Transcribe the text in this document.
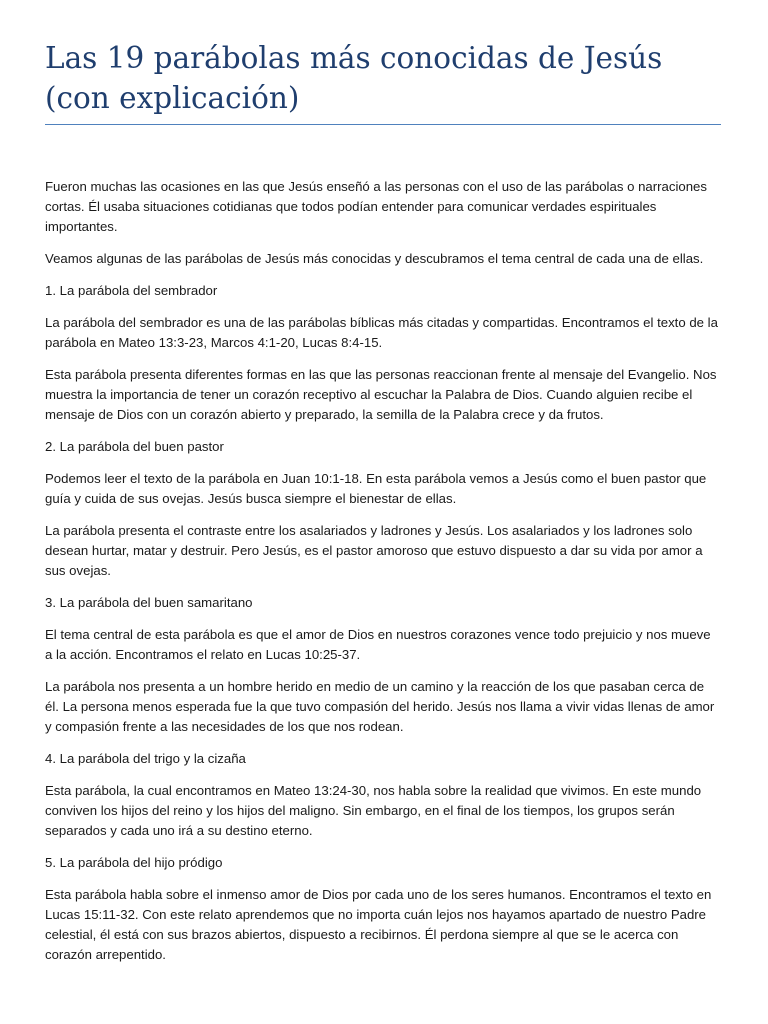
Las 19 parábolas más conocidas de Jesús (con explicación)

Fueron muchas las ocasiones en las que Jesús enseñó a las personas con el uso de las parábolas o narraciones cortas. Él usaba situaciones cotidianas que todos podían entender para comunicar verdades espirituales importantes.

Veamos algunas de las parábolas de Jesús más conocidas y descubramos el tema central de cada una de ellas.

1. La parábola del sembrador

La parábola del sembrador es una de las parábolas bíblicas más citadas y compartidas. Encontramos el texto de la parábola en Mateo 13:3-23, Marcos 4:1-20, Lucas 8:4-15.

Esta parábola presenta diferentes formas en las que las personas reaccionan frente al mensaje del Evangelio. Nos muestra la importancia de tener un corazón receptivo al escuchar la Palabra de Dios. Cuando alguien recibe el mensaje de Dios con un corazón abierto y preparado, la semilla de la Palabra crece y da frutos.

2. La parábola del buen pastor

Podemos leer el texto de la parábola en Juan 10:1-18. En esta parábola vemos a Jesús como el buen pastor que guía y cuida de sus ovejas. Jesús busca siempre el bienestar de ellas.

La parábola presenta el contraste entre los asalariados y ladrones y Jesús. Los asalariados y los ladrones solo desean hurtar, matar y destruir. Pero Jesús, es el pastor amoroso que estuvo dispuesto a dar su vida por amor a sus ovejas.

3. La parábola del buen samaritano

El tema central de esta parábola es que el amor de Dios en nuestros corazones vence todo prejuicio y nos mueve a la acción. Encontramos el relato en Lucas 10:25-37.

La parábola nos presenta a un hombre herido en medio de un camino y la reacción de los que pasaban cerca de él. La persona menos esperada fue la que tuvo compasión del herido. Jesús nos llama a vivir vidas llenas de amor y compasión frente a las necesidades de los que nos rodean.

4. La parábola del trigo y la cizaña

Esta parábola, la cual encontramos en Mateo 13:24-30, nos habla sobre la realidad que vivimos. En este mundo conviven los hijos del reino y los hijos del maligno. Sin embargo, en el final de los tiempos, los grupos serán separados y cada uno irá a su destino eterno.

5. La parábola del hijo pródigo

Esta parábola habla sobre el inmenso amor de Dios por cada uno de los seres humanos. Encontramos el texto en Lucas 15:11-32. Con este relato aprendemos que no importa cuán lejos nos hayamos apartado de nuestro Padre celestial, él está con sus brazos abiertos, dispuesto a recibirnos. Él perdona siempre al que se le acerca con corazón arrepentido.
